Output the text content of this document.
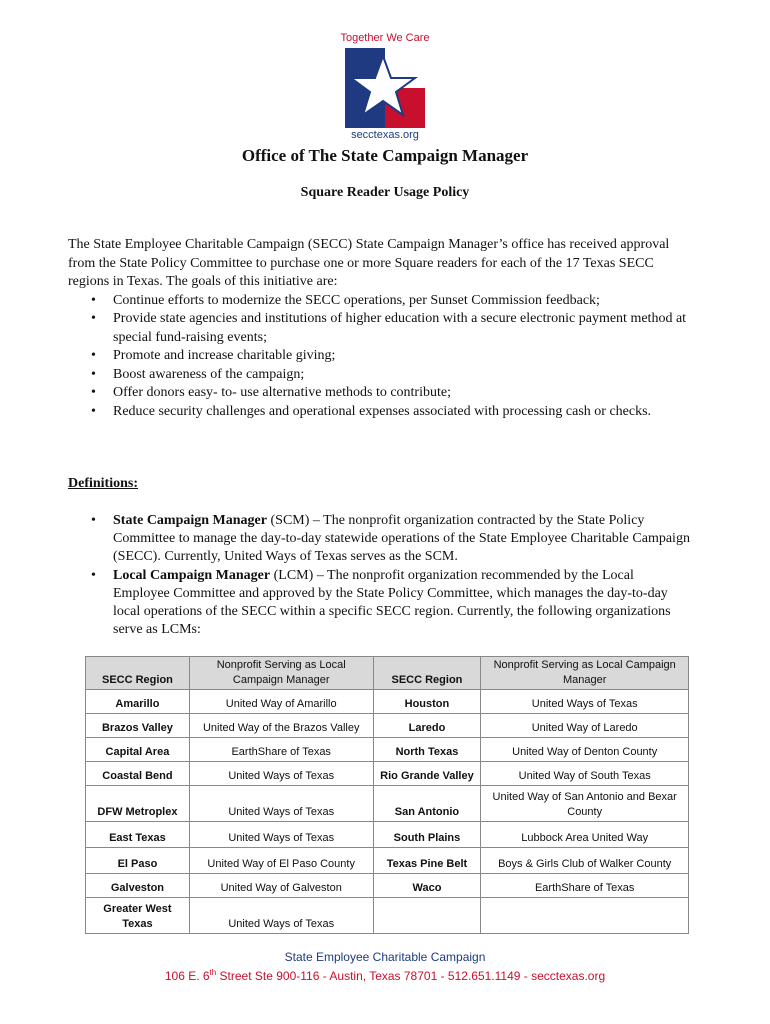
Together We Care
secctexas.org
Office of The State Campaign Manager
Square Reader Usage Policy

The State Employee Charitable Campaign (SECC) State Campaign Manager’s office has received approval from the State Policy Committee to purchase one or more Square readers for each of the 17 Texas SECC regions in Texas. The goals of this initiative are:

• Continue efforts to modernize the SECC operations, per Sunset Commission feedback;
• Provide state agencies and institutions of higher education with a secure electronic payment method at special fund-raising events;
• Promote and increase charitable giving;
• Boost awareness of the campaign;
• Offer donors easy- to- use alternative methods to contribute;
• Reduce security challenges and operational expenses associated with processing cash or checks.
Definitions:
• State Campaign Manager (SCM) – The nonprofit organization contracted by the State Policy Committee to manage the day-to-day statewide operations of the State Employee Charitable Campaign (SECC). Currently, United Ways of Texas serves as the SCM.
• Local Campaign Manager (LCM) – The nonprofit organization recommended by the Local Employee Committee and approved by the State Policy Committee, which manages the day-to-day local operations of the SECC within a specific SECC region. Currently, the following organizations serve as LCMs:
SECC Region	Nonprofit Serving as Local Campaign Manager	SECC Region	Nonprofit Serving as Local Campaign Manager
Amarillo	United Way of Amarillo	Houston	United Ways of Texas
Brazos Valley	United Way of the Brazos Valley	Laredo	United Way of Laredo
Capital Area	EarthShare of Texas	North Texas	United Way of Denton County
Coastal Bend	United Ways of Texas	Rio Grande Valley	United Way of South Texas
DFW Metroplex	United Ways of Texas	San Antonio	United Way of San Antonio and Bexar County
East Texas	United Ways of Texas	South Plains	Lubbock Area United Way
El Paso	United Way of El Paso County	Texas Pine Belt	Boys & Girls Club of Walker County
Galveston	United Way of Galveston	Waco	EarthShare of Texas
Greater West Texas	United Ways of Texas		
State Employee Charitable Campaign
106 E. 6th Street Ste 900-116 - Austin, Texas 78701 - 512.651.1149 - secctexas.org
